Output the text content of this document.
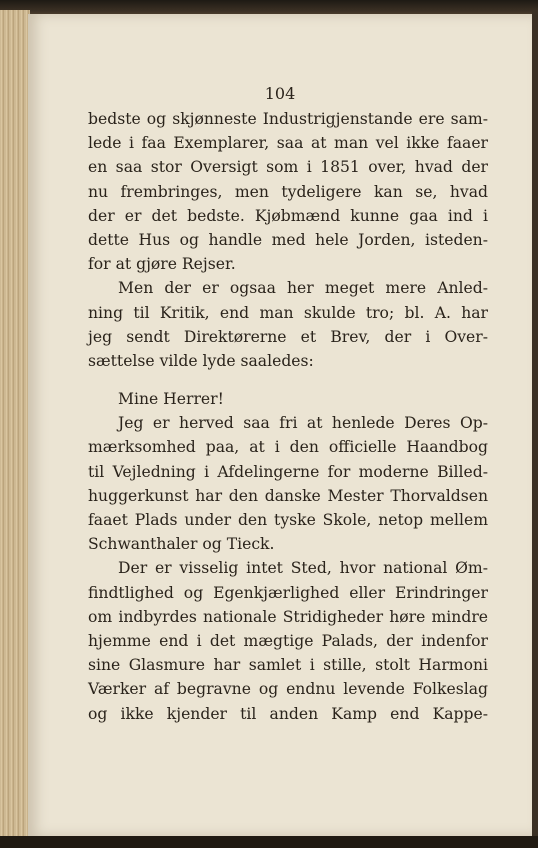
104
bedste og skjønneste Industrigjenstande ere sam-
lede i faa Exemplarer, saa at man vel ikke faaer
en saa stor Oversigt som i 1851 over, hvad der
nu frembringes, men tydeligere kan se, hvad
der er det bedste. Kjøbmænd kunne gaa ind i
dette Hus og handle med hele Jorden, isteden-
for at gjøre Rejser.
Men der er ogsaa her meget mere Anled-
ning til Kritik, end man skulde tro; bl. A. har
jeg sendt Direktørerne et Brev, der i Over-
sættelse vilde lyde saaledes:
Mine Herrer!
Jeg er herved saa fri at henlede Deres Op-
mærksomhed paa, at i den officielle Haandbog
til Vejledning i Afdelingerne for moderne Billed-
huggerkunst har den danske Mester Thorvaldsen
faaet Plads under den tyske Skole, netop mellem
Schwanthaler og Tieck.
Der er visselig intet Sted, hvor national Øm-
findtlighed og Egenkjærlighed eller Erindringer
om indbyrdes nationale Stridigheder høre mindre
hjemme end i det mægtige Palads, der indenfor
sine Glasmure har samlet i stille, stolt Harmoni
Værker af begravne og endnu levende Folkeslag
og ikke kjender til anden Kamp end Kappe-
